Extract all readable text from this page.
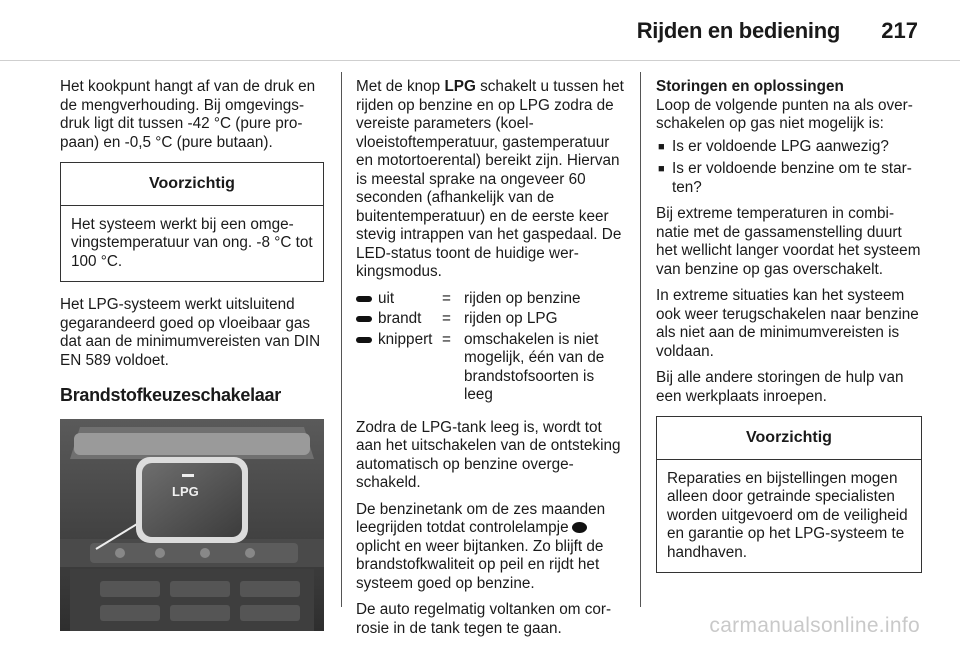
Rijden en bediening 217

Het kookpunt hangt af van de druk en de mengverhouding. Bij omgevingsdruk ligt dit tussen -42 °C (pure propaan) en -0,5 °C (pure butaan).

Voorzichtig
Het systeem werkt bij een omgevingstemperatuur van ong. -8 °C tot 100 °C.

Het LPG-systeem werkt uitsluitend gegarandeerd goed op vloeibaar gas dat aan de minimumvereisten van DIN EN 589 voldoet.

Brandstofkeuzeschakelaar
LPG

Met de knop LPG schakelt u tussen het rijden op benzine en op LPG zodra de vereiste parameters (koelvloeistoftemperatuur, gastemperatuur en motortoerental) bereikt zijn. Hiervan is meestal sprake na ongeveer 60 seconden (afhankelijk van de buitentemperatuur) en de eerste keer stevig intrappen van het gaspedaal. De LED-status toont de huidige werkingsmodus.

uit	= rijden op benzine
brandt = rijden op LPG
knippert = omschakelen is niet mogelijk, één van de brandstofsoorten is leeg

Zodra de LPG-tank leeg is, wordt tot aan het uitschakelen van de ontsteking automatisch op benzine overgeschakeld.

De benzinetank om de zes maanden leegrijden totdat controlelampje oplicht en weer bijtanken. Zo blijft de brandstofkwaliteit op peil en rijdt het systeem goed op benzine.

De auto regelmatig voltanken om corrosie in de tank tegen te gaan.

Storingen en oplossingen

Loop de volgende punten na als overschakelen op gas niet mogelijk is:

■ Is er voldoende LPG aanwezig?
■ Is er voldoende benzine om te starten?

Bij extreme temperaturen in combinatie met de gassamenstelling duurt het wellicht langer voordat het systeem van benzine op gas overschakelt.

In extreme situaties kan het systeem ook weer terugschakelen naar benzine als niet aan de minimumvereisten is voldaan.

Bij alle andere storingen de hulp van een werkplaats inroepen.

Voorzichtig
Reparaties en bijstellingen mogen alleen door getrainde specialisten worden uitgevoerd om de veiligheid en garantie op het LPG-systeem te handhaven.
carmanualsonline.info
